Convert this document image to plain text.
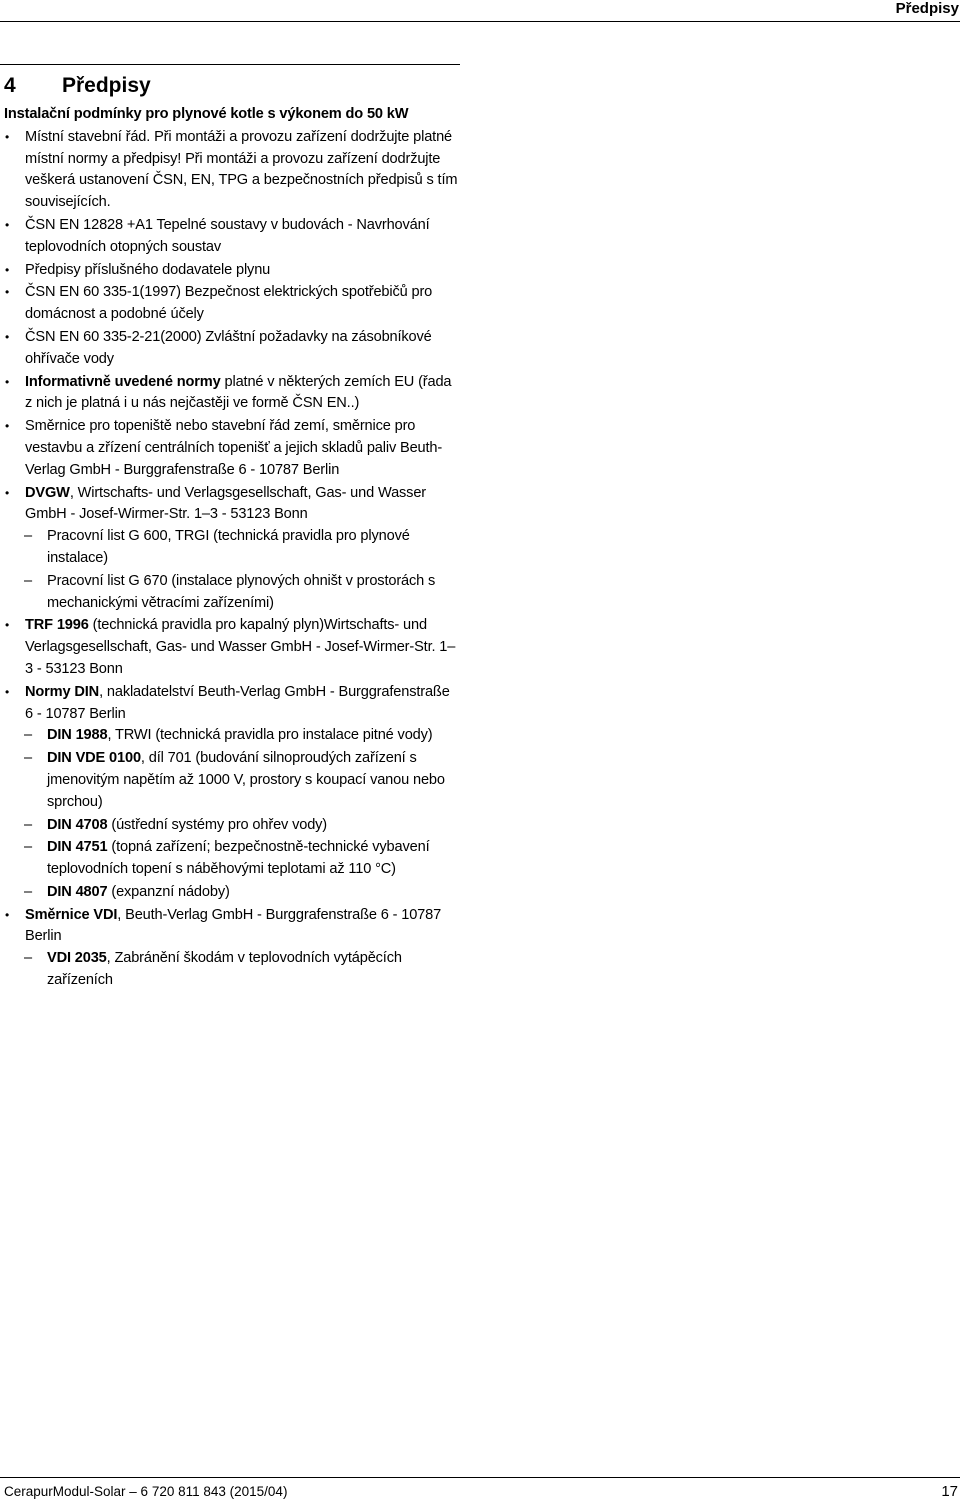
Předpisy
4 Předpisy
Instalační podmínky pro plynové kotle s výkonem do 50 kW
• Místní stavební řád. Při montáži a provozu zařízení dodržujte platné místní normy a předpisy! Při montáži a provozu zařízení dodržujte veškerá ustanovení ČSN, EN, TPG a bezpečnostních předpisů s tím souvisejících.
• ČSN EN 12828 +A1 Tepelné soustavy v budovách - Navrhování teplovodních otopných soustav
• Předpisy příslušného dodavatele plynu
• ČSN EN 60 335-1(1997) Bezpečnost elektrických spotřebičů pro domácnost a podobné účely
• ČSN EN 60 335-2-21(2000) Zvláštní požadavky na zásobníkové ohřívače vody
• Informativně uvedené normy platné v některých zemích EU (řada z nich je platná i u nás nejčastěji ve formě ČSN EN..)
• Směrnice pro topeniště nebo stavební řád zemí, směrnice pro vestavbu a zřízení centrálních topenišť a jejich skladů paliv Beuth-Verlag GmbH - Burggrafenstraße 6 - 10787 Berlin
• DVGW, Wirtschafts- und Verlagsgesellschaft, Gas- und Wasser GmbH - Josef-Wirmer-Str. 1–3 - 53123 Bonn
– Pracovní list G 600, TRGI (technická pravidla pro plynové instalace)
– Pracovní list G 670 (instalace plynových ohništ v prostorách s mechanickými větracími zařízeními)
• TRF 1996 (technická pravidla pro kapalný plyn)Wirtschafts- und Verlagsgesellschaft, Gas- und Wasser GmbH - Josef-Wirmer-Str. 1–3 - 53123 Bonn
• Normy DIN, nakladatelství Beuth-Verlag GmbH - Burggrafenstraße 6 - 10787 Berlin
– DIN 1988, TRWI (technická pravidla pro instalace pitné vody)
– DIN VDE 0100, díl 701 (budování silnoproudých zařízení s jmenovitým napětím až 1000 V, prostory s koupací vanou nebo sprchou)
– DIN 4708 (ústřední systémy pro ohřev vody)
– DIN 4751 (topná zařízení; bezpečnostně-technické vybavení teplovodních topení s náběhovými teplotami až 110 °C)
– DIN 4807 (expanzní nádoby)
• Směrnice VDI, Beuth-Verlag GmbH - Burggrafenstraße 6 - 10787 Berlin
– VDI 2035, Zabránění škodám v teplovodních vytápěcích zařízeních
CerapurModul-Solar – 6 720 811 843 (2015/04)	17
